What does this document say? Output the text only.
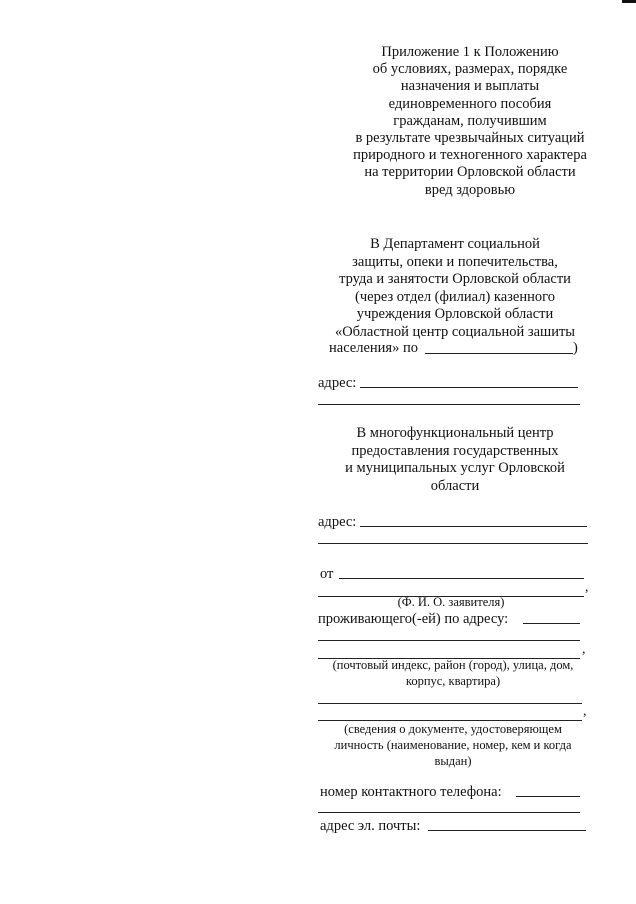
Приложение 1 к Положению
об условиях, размерах, порядке
назначения и выплаты
единовременного пособия
гражданам, получившим
в результате чрезвычайных ситуаций
природного и техногенного характера
на территории Орловской области
вред здоровью
В Департамент социальной
защиты, опеки и попечительства,
труда и занятости Орловской области
(через отдел (филиал) казенного
учреждения Орловской области
«Областной центр социальной зашиты
населения» по	)
адрес:
В многофункциональный центр
предоставления государственных
и муниципальных услуг Орловской
области
адрес:
от
,
(Ф. И. О. заявителя)
проживающего(-ей) по адресу:
,
(почтовый индекс, район (город), улица, дом,
корпус, квартира)
,
(сведения о документе, удостоверяющем
личность (наименование, номер, кем и когда
выдан)
номер контактного телефона:
адрес эл. почты:
